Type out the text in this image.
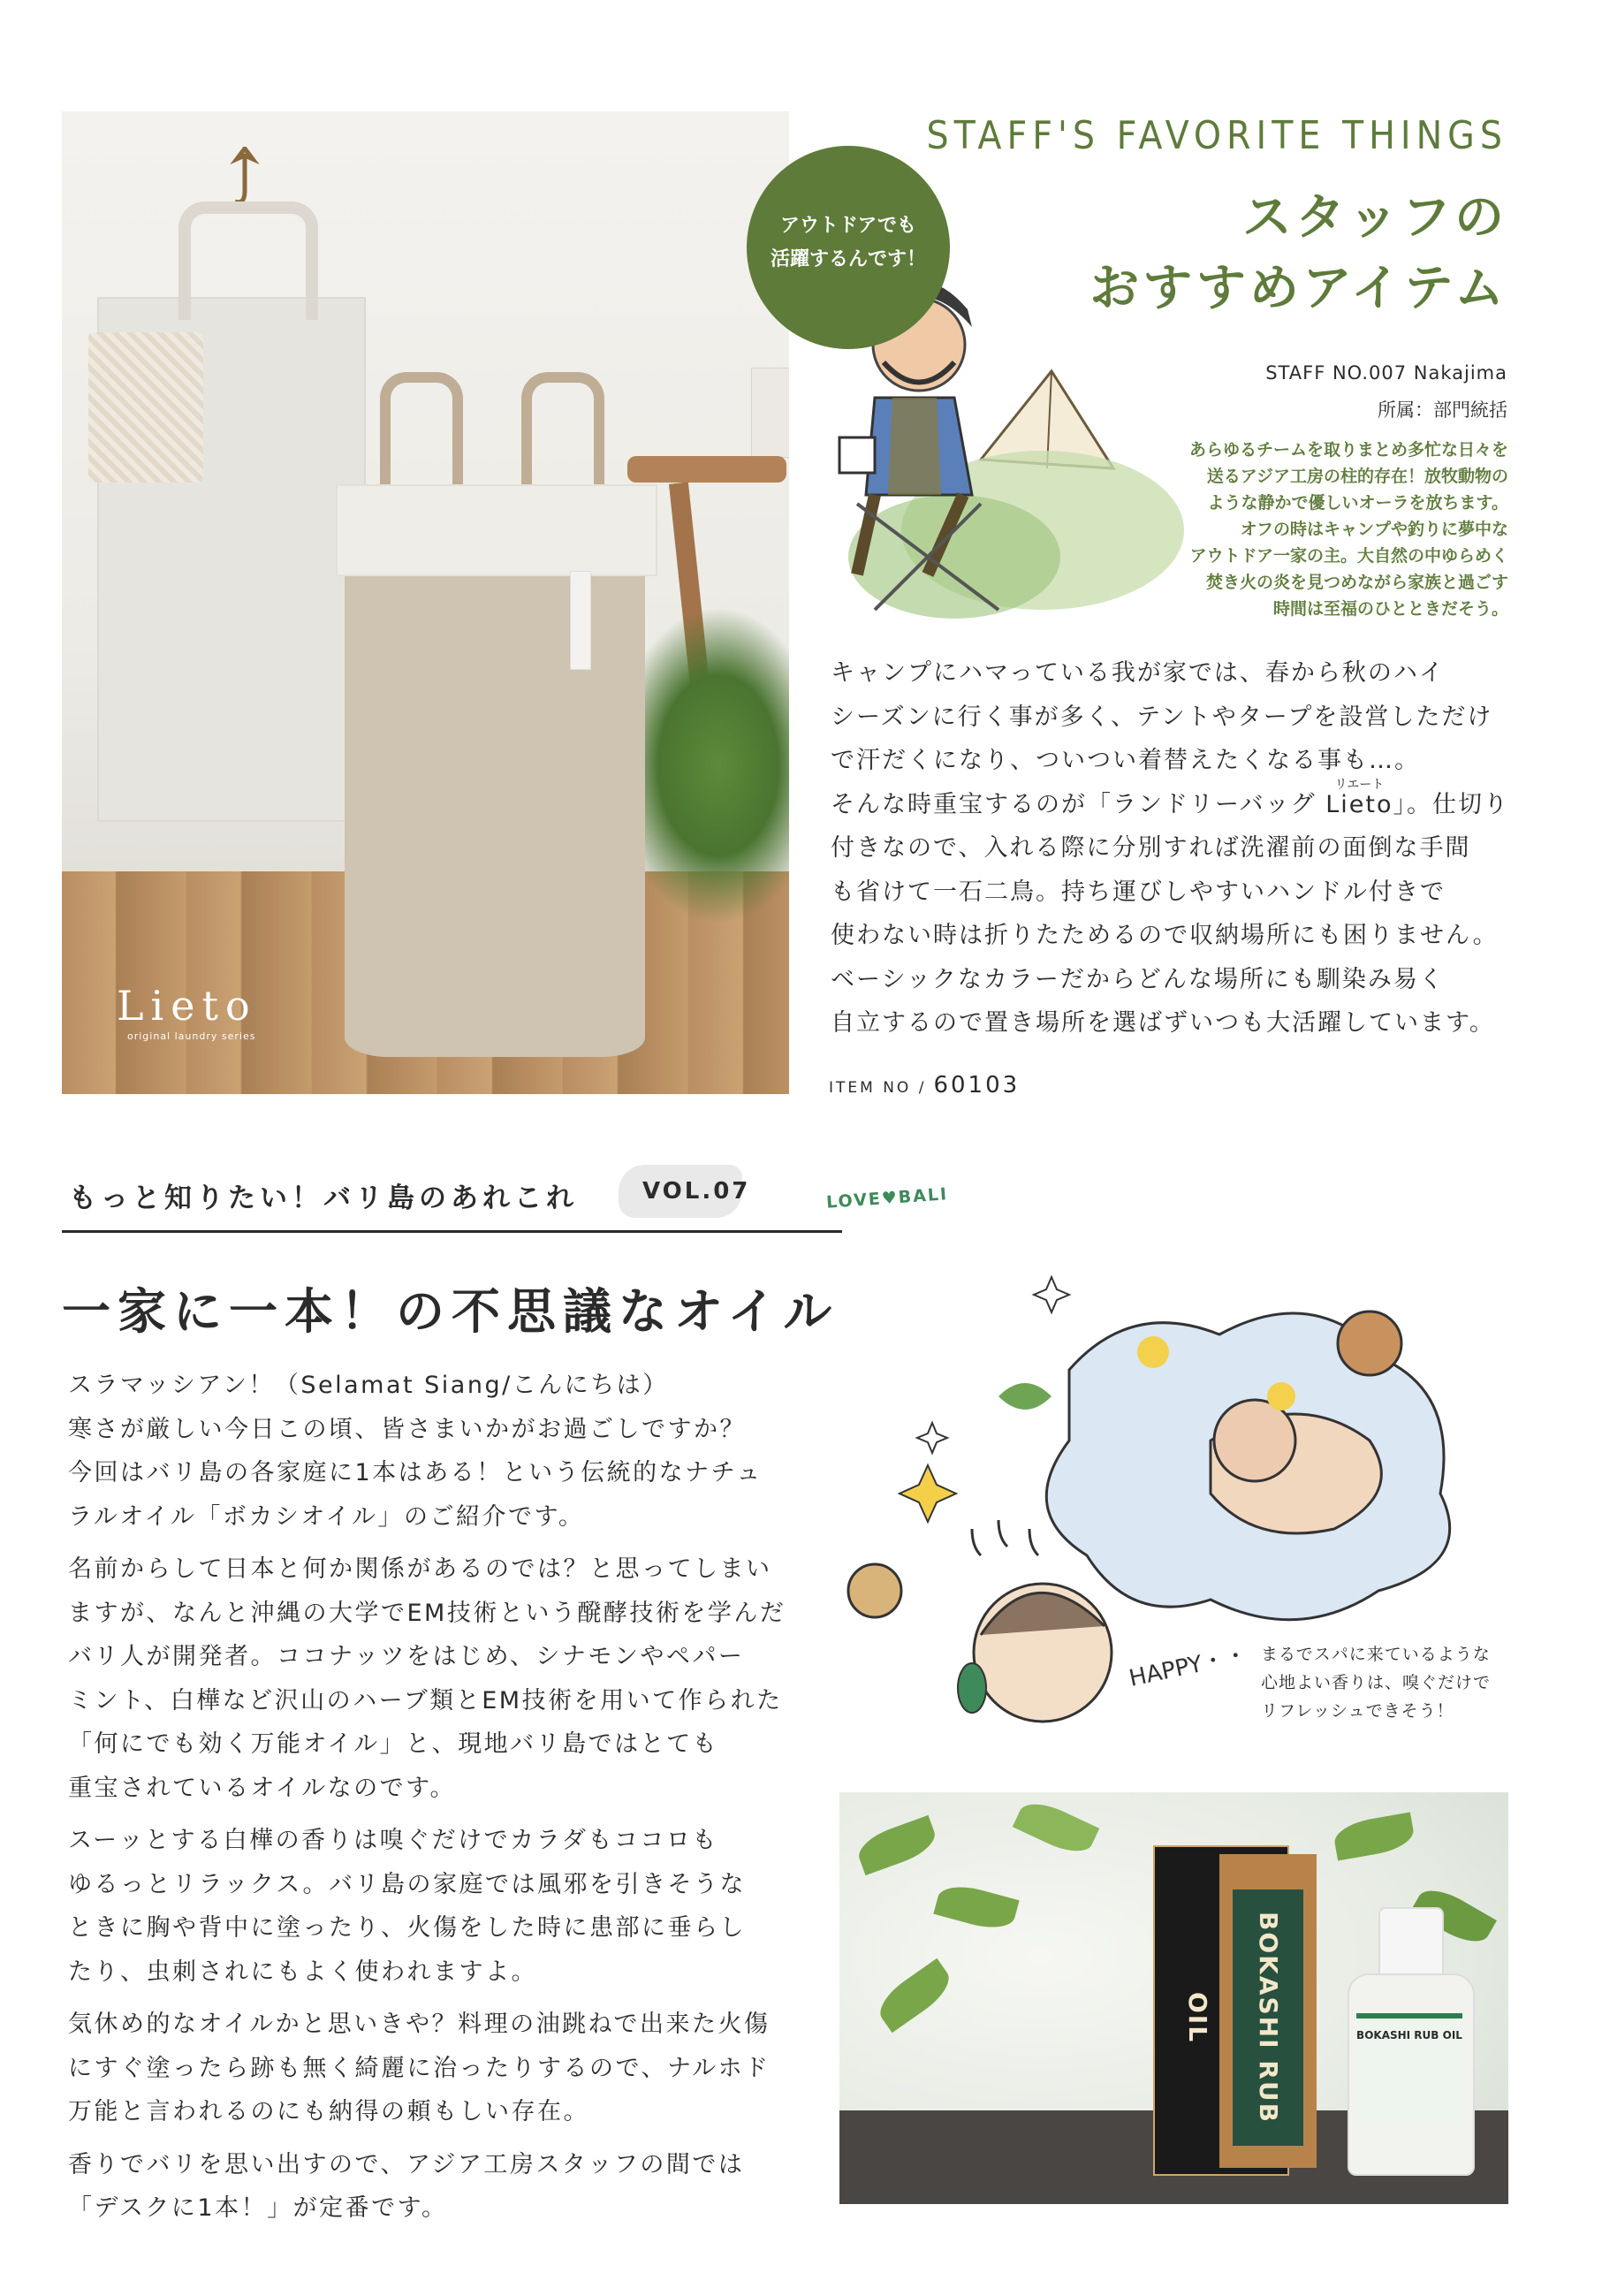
Lieto
original laundry series
STAFF'S FAVORITE THINGS
スタッフの
おすすめアイテム
アウトドアでも
活躍するんです！
STAFF NO.007 Nakajima
所属：部門統括
あらゆるチームを取りまとめ多忙な日々を
送るアジア工房の柱的存在！放牧動物の
ような静かで優しいオーラを放ちます。
オフの時はキャンプや釣りに夢中な
アウトドア一家の主。大自然の中ゆらめく
焚き火の炎を見つめながら家族と過ごす
時間は至福のひとときだそう。

キャンプにハマっている我が家では、春から秋のハイ

シーズンに行く事が多く、テントやタープを設営しただけ

で汗だくになり、ついつい着替えたくなる事も…。

そんな時重宝するのが「ランドリーバッグ
リエート
Lieto」。仕切り

付きなので、入れる際に分別すれば洗濯前の面倒な手間

も省けて一石二鳥。持ち運びしやすいハンドル付きで

使わない時は折りたためるので収納場所にも困りません。

ベーシックなカラーだからどんな場所にも馴染み易く

自立するので置き場所を選ばずいつも大活躍しています。

ITEM NO / 60103
もっと知りたい！バリ島のあれこれ	VOL.07	LOVE♥BALI
一家に一本！の不思議なオイル

スラマッシアン！（Selamat Siang/こんにちは）
寒さが厳しい今日この頃、皆さまいかがお過ごしですか？
今回はバリ島の各家庭に1本はある！という伝統的なナチュ
ラルオイル「ボカシオイル」のご紹介です。

名前からして日本と何か関係があるのでは？と思ってしまい
ますが、なんと沖縄の大学でEM技術という醗酵技術を学んだ
バリ人が開発者。ココナッツをはじめ、シナモンやペパー
ミント、白樺など沢山のハーブ類とEM技術を用いて作られた
「何にでも効く万能オイル」と、現地バリ島ではとても
重宝されているオイルなのです。

スーッとする白樺の香りは嗅ぐだけでカラダもココロも
ゆるっとリラックス。バリ島の家庭では風邪を引きそうな
ときに胸や背中に塗ったり、火傷をした時に患部に垂らし
たり、虫刺されにもよく使われますよ。

気休め的なオイルかと思いきや？料理の油跳ねで出来た火傷
にすぐ塗ったら跡も無く綺麗に治ったりするので、ナルホド
万能と言われるのにも納得の頼もしい存在。

香りでバリを思い出すので、アジア工房スタッフの間では
「デスクに1本！」が定番です。

HAPPY・・ まるでスパに来ているような
心地よい香りは、嗅ぐだけで
リフレッシュできそう！
BOKASHI RUB OIL	BOKASHI RUB OIL
